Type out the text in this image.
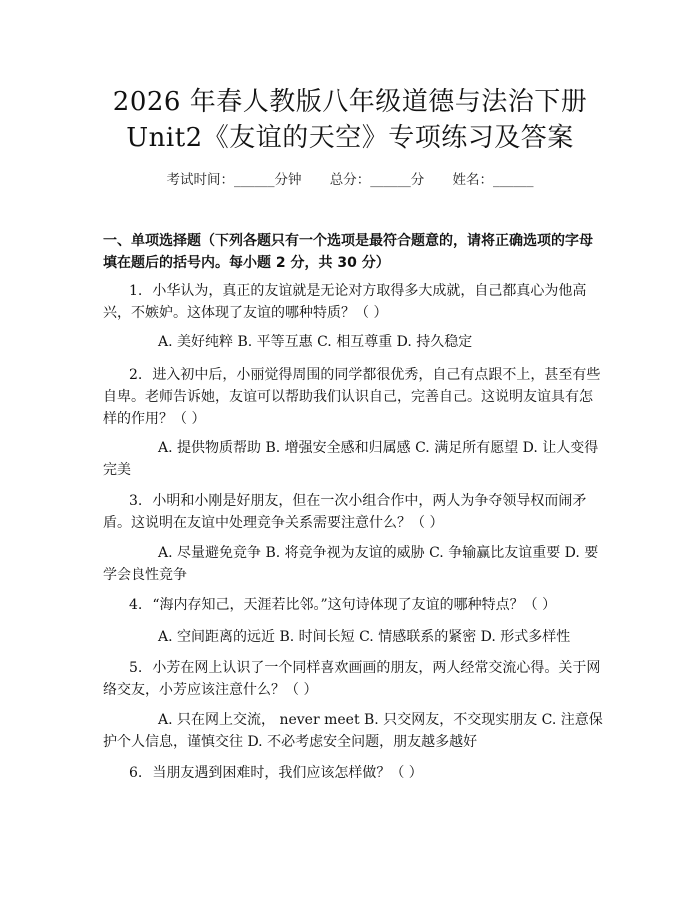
2026 年春人教版八年级道德与法治下册
Unit2《友谊的天空》专项练习及答案
考试时间：______分钟 总分：______分 姓名：______
一、单项选择题（下列各题只有一个选项是最符合题意的，请将正确选项的字母填在题后的括号内。每小题 2 分，共 30 分）
1. 小华认为，真正的友谊就是无论对方取得多大成就，自己都真心为他高兴，不嫉妒。这体现了友谊的哪种特质？（ ）
A. 美好纯粹 B. 平等互惠 C. 相互尊重 D. 持久稳定
2. 进入初中后，小丽觉得周围的同学都很优秀，自己有点跟不上，甚至有些自卑。老师告诉她，友谊可以帮助我们认识自己，完善自己。这说明友谊具有怎样的作用？（ ）
A. 提供物质帮助 B. 增强安全感和归属感 C. 满足所有愿望 D. 让人变得完美
3. 小明和小刚是好朋友，但在一次小组合作中，两人为争夺领导权而闹矛盾。这说明在友谊中处理竞争关系需要注意什么？（ ）
A. 尽量避免竞争 B. 将竞争视为友谊的威胁 C. 争输赢比友谊重要 D. 要学会良性竞争
4. “海内存知己，天涯若比邻。”这句诗体现了友谊的哪种特点？（ ）
A. 空间距离的远近 B. 时间长短 C. 情感联系的紧密 D. 形式多样性
5. 小芳在网上认识了一个同样喜欢画画的朋友，两人经常交流心得。关于网络交友，小芳应该注意什么？（ ）
A. 只在网上交流， never meet B. 只交网友，不交现实朋友 C. 注意保护个人信息，谨慎交往 D. 不必考虑安全问题，朋友越多越好
6. 当朋友遇到困难时，我们应该怎样做？（ ）
